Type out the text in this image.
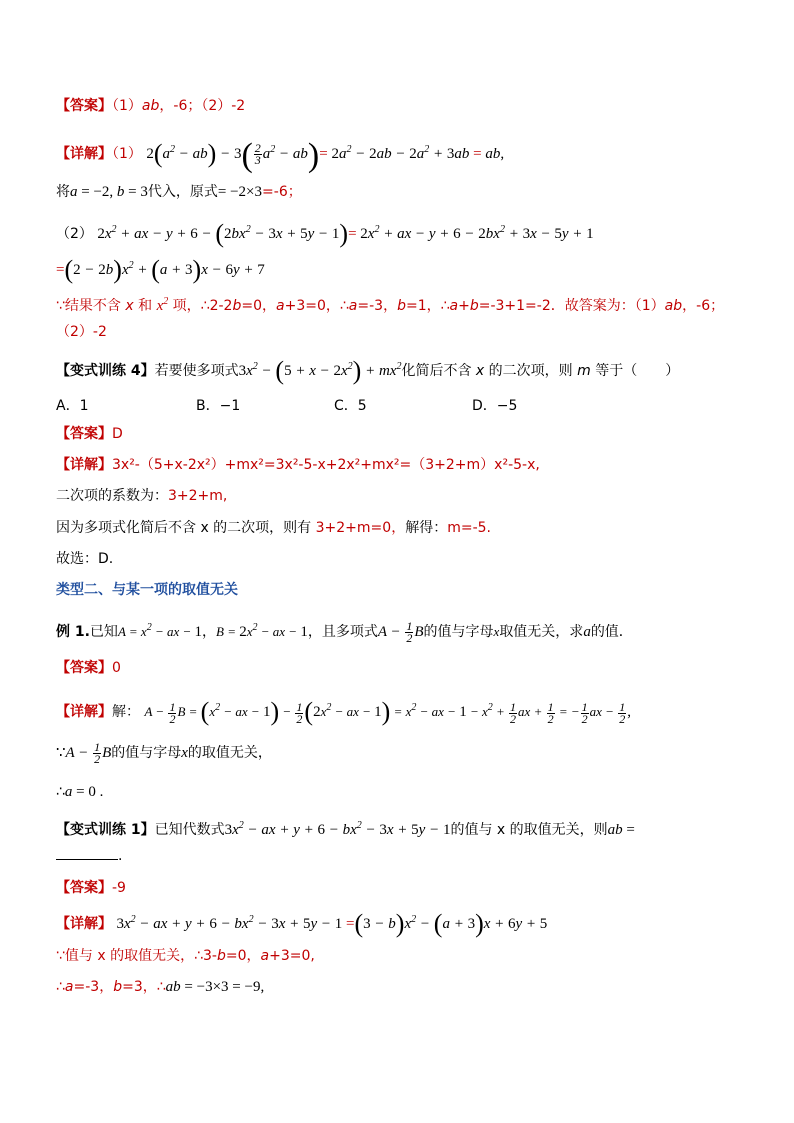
【答案】（1）ab，-6；（2）-2
【详解】（1） $2(a^2 - ab) - 3( \frac{2}{3} a^2 - ab)= 2a^2 - 2ab - 2a^2 + 3ab$ = ab,
将a = −2, b = 3代入，原式= −2×3=-6；
（2） $2x^2$ + ax − $y + 6 - (2bx^2 - 3x + 5y - 1)= 2x^2$ + ax − $y + 6 - 2bx^2 + 3x - 5y + 1$
$=(2 - 2b)x^2 + (a + 3)x - 6y + 7$
∵结果不含 x 和 $x^2$ 项，∴2-2b=0，a+3=0，∴a=-3，b=1，∴a+b=-3+1=-2．故答案为：（1）ab，-6；
（2）-2
【变式训练 4】若要使多项式$3x^2 - (5 + x - 2x^2) + mx^2$化简后不含 x 的二次项，则 m 等于（　　）
A．1	B．−1	C．5	D．−5
【答案】D
【详解】3x²-（5+x-2x²）+mx²=3x²-5-x+2x²+mx²=（3+2+m）x²-5-x,
二次项的系数为：3+2+m,
因为多项式化简后不含 x 的二次项，则有 3+2+m=0，解得：m=-5.
故选：D.
类型二、与某一项的取值无关
例 1.已知$A = x^2$ − ax − 1，$B = 2x^2$ − ax − 1，且多项式$A - \frac{1}{2}$ B的值与字母x取值无关，求a的值．
【答案】0
【详解】解： $A - \frac{1}{2}$ $B = (x^2$ − ax − $1) - \frac{1}{2} (2x^2$ − ax − $1) = x^2$ − ax − $1 - x^2 + \frac{1}{2}$ ax + $\frac{1}{2}$ = − $\frac{1}{2}$ ax − $\frac{1}{2}$ ,
∵A − $\frac{1}{2}$ B的值与字母x的取值无关，
∴a = 0 .
【变式训练 1】已知代数式$3x^2$ − ax + $y + 6 - bx^2 - 3x + 5y - 1$的值与 x 的取值无关，则ab =
.
【答案】-9
【详解】 $3x^2$ − ax + $y + 6 - bx^2 - 3x + 5y - 1 =(3 - b)x^2 - (a + 3)x + 6y + 5$
∵值与 x 的取值无关，∴3-b=0，a+3=0,
∴a=-3，b=3，∴ab = −3×3 = −9,
